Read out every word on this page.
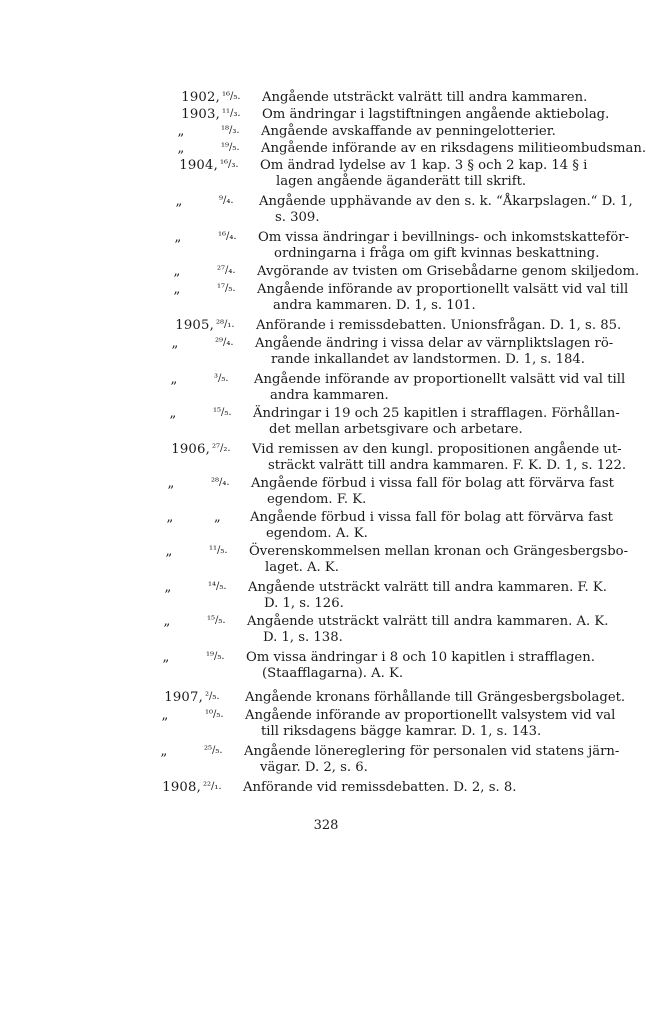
1902, ¹⁶/₅. Angående utsträckt valrätt till andra kammaren.
1903, ¹¹/₃. Om ändringar i lagstiftningen angående aktiebolag.
„	¹⁸/₃. Angående avskaffande av penningelotterier.
„	¹⁹/₅. Angående införande av en riksdagens militieombudsman.
1904, ¹⁶/₃. Om ändrad lydelse av 1 kap. 3 § och 2 kap. 14 § i
lagen angående äganderätt till skrift.
„	⁹/₄. Angående upphävande av den s. k. “Åkarpslagen.“ D. 1,
s. 309.
„	¹⁶/₄. Om vissa ändringar i bevillnings- och inkomstskatteför-
ordningarna i fråga om gift kvinnas beskattning.
„	²⁷/₄. Avgörande av tvisten om Grisebådarne genom skiljedom.
„	¹⁷/₅. Angående införande av proportionellt valsätt vid val till
andra kammaren. D. 1, s. 101.
1905, ²⁸/₁. Anförande i remissdebatten. Unionsfrågan. D. 1, s. 85.
„	²⁹/₄. Angående ändring i vissa delar av värnpliktslagen rö-
rande inkallandet av landstormen. D. 1, s. 184.
„	³/₅. Angående införande av proportionellt valsätt vid val till
andra kammaren.
„	¹⁵/₅. Ändringar i 19 och 25 kapitlen i strafflagen. Förhållan-
det mellan arbetsgivare och arbetare.
1906, ²⁷/₂. Vid remissen av den kungl. propositionen angående ut-
sträckt valrätt till andra kammaren. F. K. D. 1, s. 122.
„	²⁸/₄. Angående förbud i vissa fall för bolag att förvärva fast
egendom. F. K.
„	„ Angående förbud i vissa fall för bolag att förvärva fast
egendom. A. K.
„	¹¹/₅. Överenskommelsen mellan kronan och Grängesbergsbo-
laget. A. K.
„	¹⁴/₅. Angående utsträckt valrätt till andra kammaren. F. K.
D. 1, s. 126.
„	¹⁵/₅. Angående utsträckt valrätt till andra kammaren. A. K.
D. 1, s. 138.
„	¹⁹/₅. Om vissa ändringar i 8 och 10 kapitlen i strafflagen.
(Staafflagarna). A. K.
1907, ²/₅. Angående kronans förhållande till Grängesbergsbolaget.
„	¹⁰/₅. Angående införande av proportionellt valsystem vid val
till riksdagens bägge kamrar. D. 1, s. 143.
„	²⁵/₅. Angående lönereglering för personalen vid statens järn-
vägar. D. 2, s. 6.
1908, ²²/₁. Anförande vid remissdebatten. D. 2, s. 8.
328
